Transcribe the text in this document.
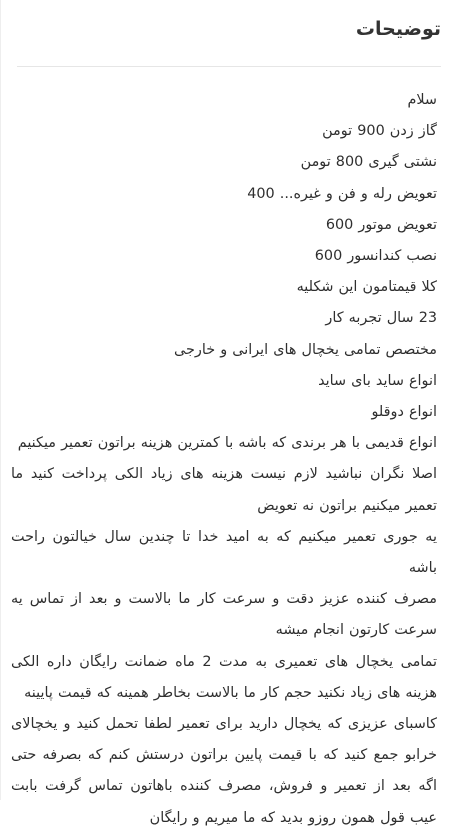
توضیحات
سلام
گاز زدن 900 تومن
نشتی گیری 800 تومن
تعویض رله و فن و غیره... 400
تعویض موتور 600
نصب کندانسور 600
کلا قیمتامون این شکلیه
23 سال تجربه کار
مختصص تمامی یخچال های ایرانی و خارجی
انواع ساید بای ساید
انواع دوقلو
انواع قدیمی با هر برندی که باشه با کمترین هزینه براتون تعمیر میکنیم
اصلا نگران نباشید لازم نیست هزینه های زیاد الکی پرداخت کنید ما تعمیر میکنیم براتون نه تعویض
یه جوری تعمیر میکنیم که به امید خدا تا چندین سال خیالتون راحت باشه
مصرف کننده عزیز دقت و سرعت کار ما بالاست و بعد از تماس یه سرعت کارتون انجام میشه
تمامی یخچال های تعمیری به مدت 2 ماه ضمانت رایگان داره الکی هزینه های زیاد نکنید حجم کار ما بالاست بخاطر همینه که قیمت پایینه
کاسبای عزیزی که یخچال دارید برای تعمیر لطفا تحمل کنید و یخچالای خرابو جمع کنید که با قیمت پایین براتون درستش کنم که بصرفه حتی اگه بعد از تعمیر و فروش، مصرف کننده باهاتون تماس گرفت بابت عیب قول همون روزو بدید که ما میریم و رایگان
